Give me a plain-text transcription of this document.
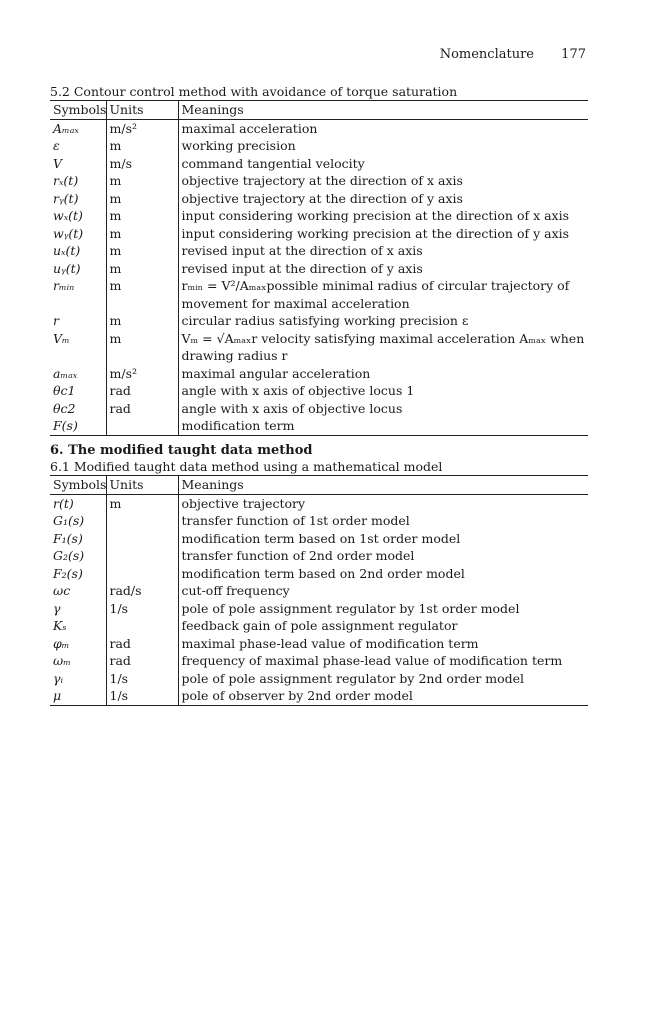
Nomenclature 177
5.2 Contour control method with avoidance of torque saturation
Symbols	Units	Meanings
Aₘₐₓ	m/s²	maximal acceleration
ε	m	working precision
V	m/s	command tangential velocity
rₓ(t)	m	objective trajectory at the direction of x axis
rᵧ(t)	m	objective trajectory at the direction of y axis
wₓ(t)	m	input considering working precision at the direction of x axis
wᵧ(t)	m	input considering working precision at the direction of y axis
uₓ(t)	m	revised input at the direction of x axis
uᵧ(t)	m	revised input at the direction of y axis
rₘᵢₙ	m	rₘᵢₙ = V²/Aₘₐₓpossible minimal radius of circular trajectory of movement for maximal acceleration
r	m	circular radius satisfying working precision ε
Vₘ	m	Vₘ = √Aₘₐₓr velocity satisfying maximal acceleration Aₘₐₓ when drawing radius r
aₘₐₓ	m/s²	maximal angular acceleration
θc1	rad	angle with x axis of objective locus 1
θc2	rad	angle with x axis of objective locus
F(s)		modification term
6. The modified taught data method
6.1 Modified taught data method using a mathematical model
Symbols	Units	Meanings
r(t)	m	objective trajectory
G₁(s)		transfer function of 1st order model
F₁(s)		modification term based on 1st order model
G₂(s)		transfer function of 2nd order model
F₂(s)		modification term based on 2nd order model
ωc	rad/s	cut-off frequency
γ	1/s	pole of pole assignment regulator by 1st order model
Kₛ		feedback gain of pole assignment regulator
φₘ	rad	maximal phase-lead value of modification term
ωₘ	rad	frequency of maximal phase-lead value of modification term
γᵢ	1/s	pole of pole assignment regulator by 2nd order model
μ	1/s	pole of observer by 2nd order model
